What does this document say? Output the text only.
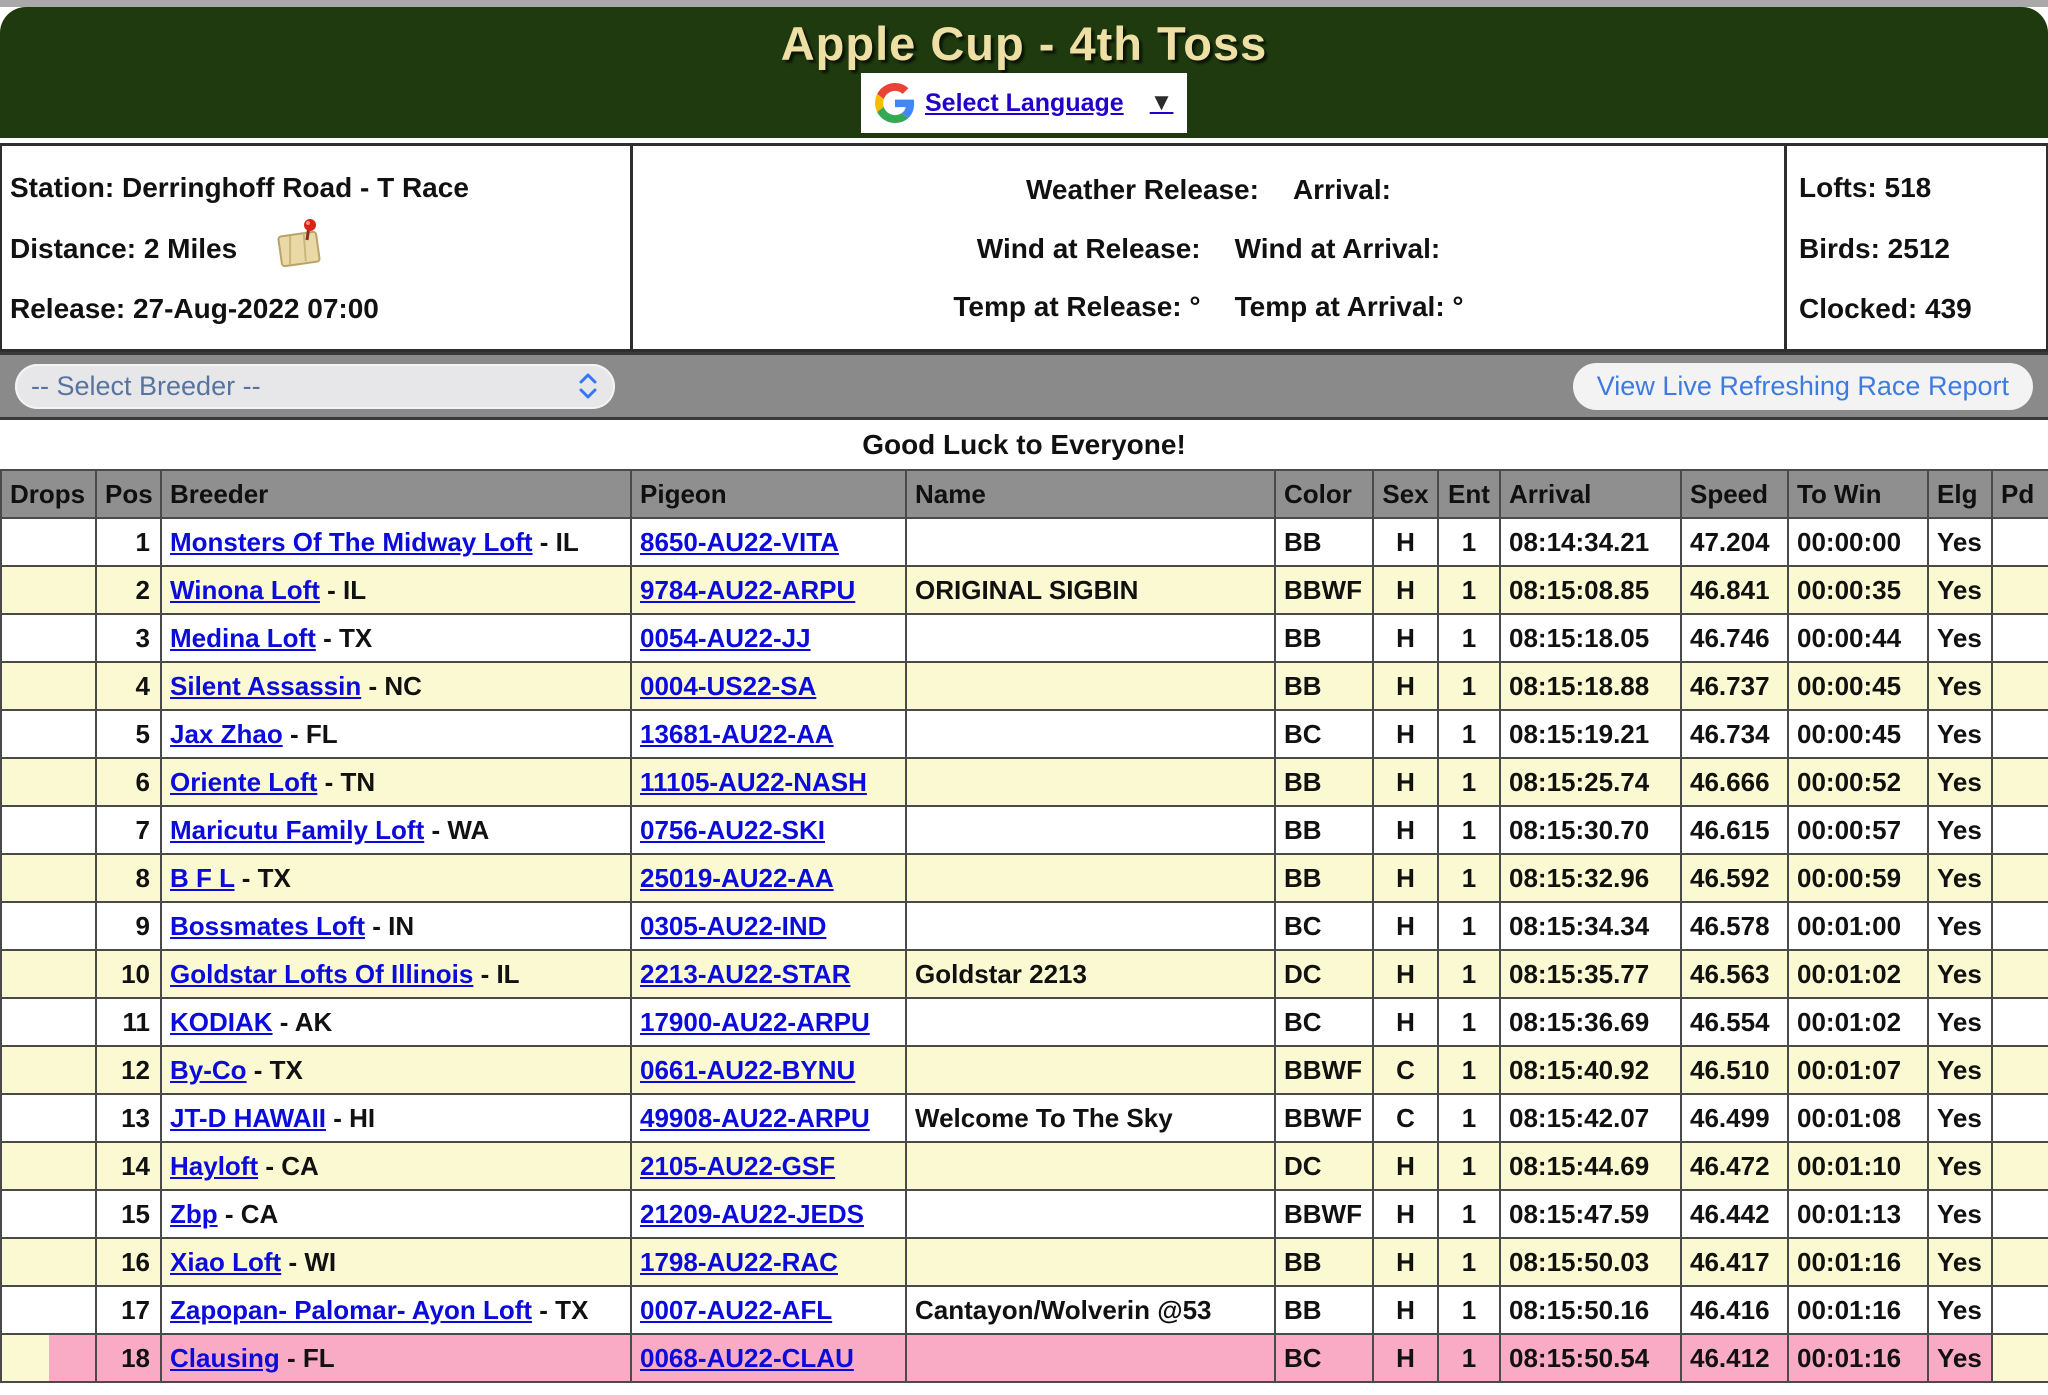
Apple Cup - 4th Toss
Select Language ▼
Station: Derringhoff Road - T Race
Distance: 2 Miles
Release: 27-Aug-2022 07:00
Weather Release: Arrival:
Wind at Release: Wind at Arrival:
Temp at Release: ° Temp at Arrival: °
Lofts: 518
Birds: 2512
Clocked: 439
-- Select Breeder --	View Live Refreshing Race Report
Good Luck to Everyone!
Drops	Pos	Breeder	Pigeon	Name	Color	Sex	Ent	Arrival	Speed	To Win	Elg	Pd
	1	Monsters Of The Midway Loft - IL	8650-AU22-VITA		BB	H	1	08:14:34.21	47.204	00:00:00	Yes	
	2	Winona Loft - IL	9784-AU22-ARPU	ORIGINAL SIGBIN	BBWF	H	1	08:15:08.85	46.841	00:00:35	Yes	
	3	Medina Loft - TX	0054-AU22-JJ		BB	H	1	08:15:18.05	46.746	00:00:44	Yes	
	4	Silent Assassin - NC	0004-US22-SA		BB	H	1	08:15:18.88	46.737	00:00:45	Yes	
	5	Jax Zhao - FL	13681-AU22-AA		BC	H	1	08:15:19.21	46.734	00:00:45	Yes	
	6	Oriente Loft - TN	11105-AU22-NASH		BB	H	1	08:15:25.74	46.666	00:00:52	Yes	
	7	Maricutu Family Loft - WA	0756-AU22-SKI		BB	H	1	08:15:30.70	46.615	00:00:57	Yes	
	8	B F L - TX	25019-AU22-AA		BB	H	1	08:15:32.96	46.592	00:00:59	Yes	
	9	Bossmates Loft - IN	0305-AU22-IND		BC	H	1	08:15:34.34	46.578	00:01:00	Yes	
	10	Goldstar Lofts Of Illinois - IL	2213-AU22-STAR	Goldstar 2213	DC	H	1	08:15:35.77	46.563	00:01:02	Yes	
	11	KODIAK - AK	17900-AU22-ARPU		BC	H	1	08:15:36.69	46.554	00:01:02	Yes	
	12	By-Co - TX	0661-AU22-BYNU		BBWF	C	1	08:15:40.92	46.510	00:01:07	Yes	
	13	JT-D HAWAII - HI	49908-AU22-ARPU	Welcome To The Sky	BBWF	C	1	08:15:42.07	46.499	00:01:08	Yes	
	14	Hayloft - CA	2105-AU22-GSF		DC	H	1	08:15:44.69	46.472	00:01:10	Yes	
	15	Zbp - CA	21209-AU22-JEDS		BBWF	H	1	08:15:47.59	46.442	00:01:13	Yes	
	16	Xiao Loft - WI	1798-AU22-RAC		BB	H	1	08:15:50.03	46.417	00:01:16	Yes	
	17	Zapopan- Palomar- Ayon Loft - TX	0007-AU22-AFL	Cantayon/Wolverin @53	BB	H	1	08:15:50.16	46.416	00:01:16	Yes	
	18	Clausing - FL	0068-AU22-CLAU		BC	H	1	08:15:50.54	46.412	00:01:16	Yes	
